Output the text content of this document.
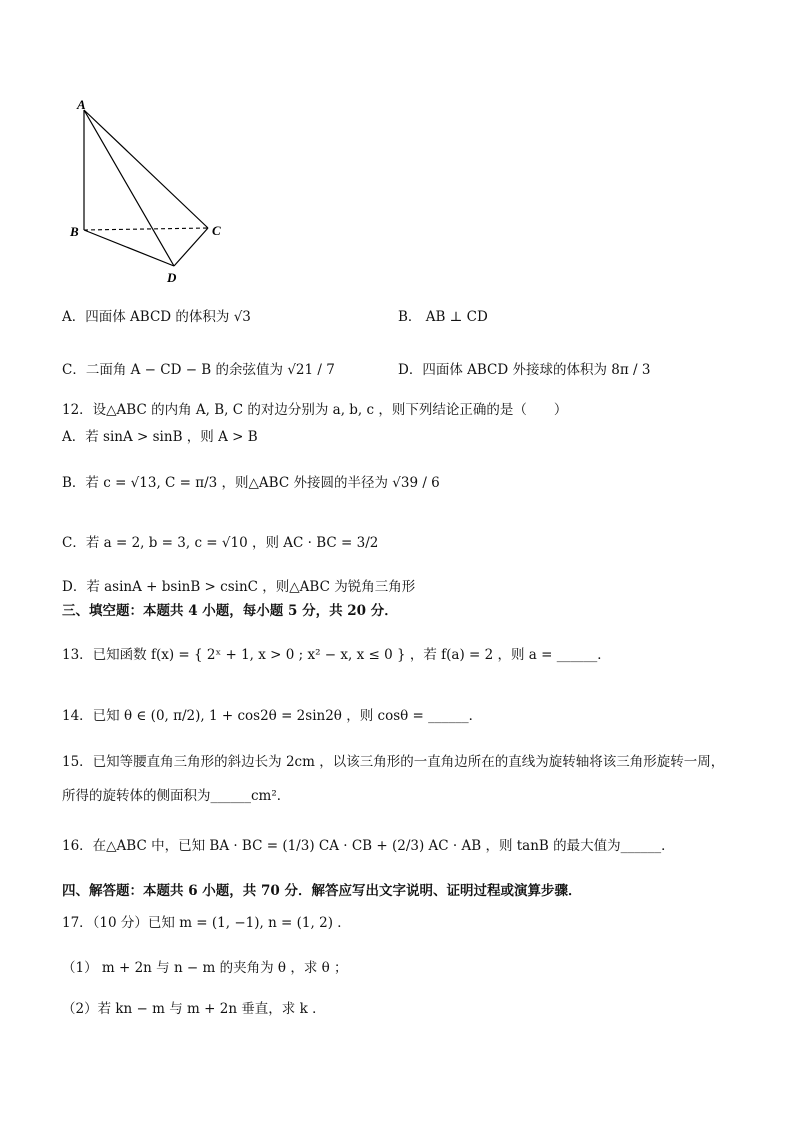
A
B	C
D
A．四面体 ABCD 的体积为 √3	B． AB ⊥ CD
C．二面角 A − CD − B 的余弦值为 √21 / 7	D．四面体 ABCD 外接球的体积为 8π / 3
12．设△ABC 的内角 A, B, C 的对边分别为 a, b, c ，则下列结论正确的是（　　）
A．若 sinA > sinB ，则 A > B
B．若 c = √13, C = π/3 ，则△ABC 外接圆的半径为 √39 / 6
C．若 a = 2, b = 3, c = √10 ，则 AC · BC = 3/2
D．若 asinA + bsinB > csinC ，则△ABC 为锐角三角形
三、填空题：本题共 4 小题，每小题 5 分，共 20 分．
13．已知函数 f(x) = { 2ˣ + 1, x > 0 ; x² − x, x ≤ 0 } ，若 f(a) = 2 ，则 a = ______．
14．已知 θ ∈ (0, π/2), 1 + cos2θ = 2sin2θ ，则 cosθ = ______．
15．已知等腰直角三角形的斜边长为 2cm ，以该三角形的一直角边所在的直线为旋转轴将该三角形旋转一周，
所得的旋转体的侧面积为______cm²．
16．在△ABC 中，已知 BA · BC = (1/3) CA · CB + (2/3) AC · AB ，则 tanB 的最大值为______．
四、解答题：本题共 6 小题，共 70 分．解答应写出文字说明、证明过程或演算步骤．
17．（10 分）已知 m = (1, −1), n = (1, 2) ．
（1） m + 2n 与 n − m 的夹角为 θ ，求 θ ；
（2）若 kn − m 与 m + 2n 垂直，求 k ．
